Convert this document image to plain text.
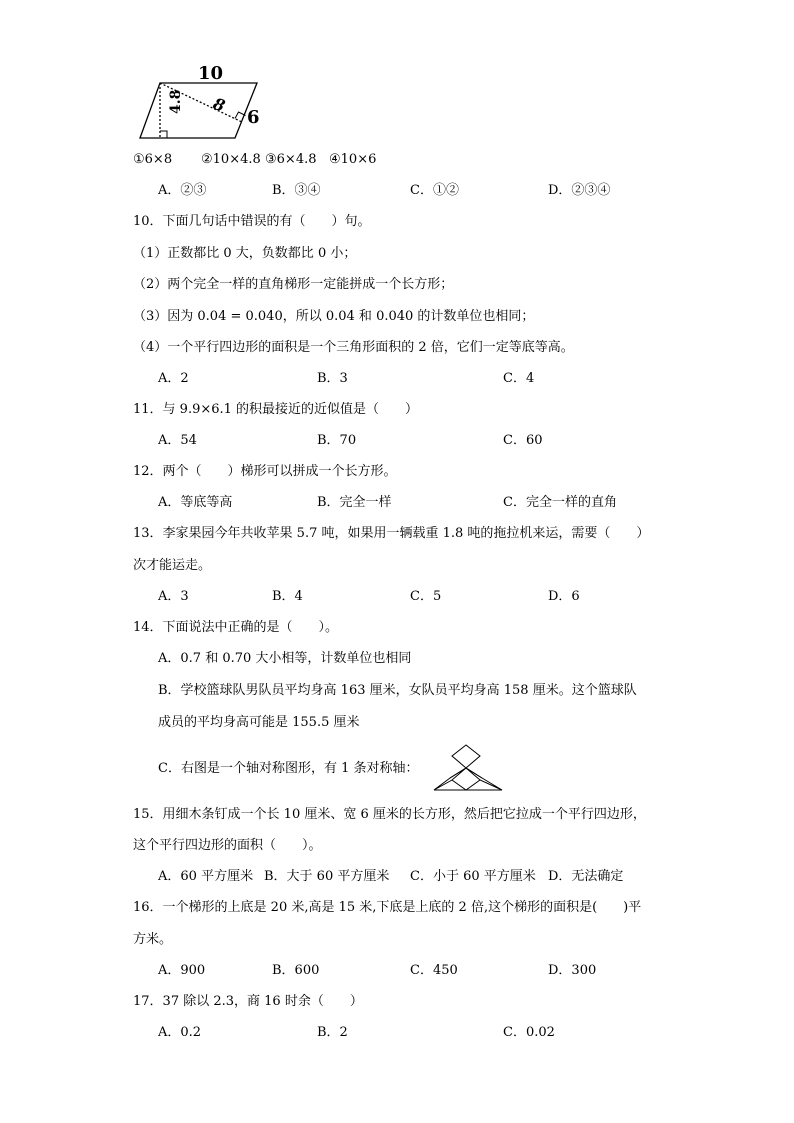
10
8
6
4.8
①6×8 ②10×4.8 ③6×4.8 ④10×6
A．②③	B．③④	C．①②	D．②③④
10．下面几句话中错误的有（　　）句。
（1）正数都比 0 大，负数都比 0 小；
（2）两个完全一样的直角梯形一定能拼成一个长方形；
（3）因为 0.04 = 0.040，所以 0.04 和 0.040 的计数单位也相同；
（4）一个平行四边形的面积是一个三角形面积的 2 倍，它们一定等底等高。
A．2	B．3	C．4
11．与 9.9×6.1 的积最接近的近似值是（　　）
A．54	B．70	C．60
12．两个（　　）梯形可以拼成一个长方形。
A．等底等高	B．完全一样	C．完全一样的直角
13．李家果园今年共收苹果 5.7 吨，如果用一辆载重 1.8 吨的拖拉机来运，需要（　　）
次才能运走。
A．3	B．4	C．5	D．6
14．下面说法中正确的是（　　）。
A．0.7 和 0.70 大小相等，计数单位也相同
B．学校篮球队男队员平均身高 163 厘米，女队员平均身高 158 厘米。这个篮球队
成员的平均身高可能是 155.5 厘米
C．右图是一个轴对称图形，有 1 条对称轴：
15．用细木条钉成一个长 10 厘米、宽 6 厘米的长方形，然后把它拉成一个平行四边形，
这个平行四边形的面积（　　）。
A．60 平方厘米 B．大于 60 平方厘米 C．小于 60 平方厘米 D．无法确定
16．一个梯形的上底是 20 米,高是 15 米,下底是上底的 2 倍,这个梯形的面积是(　　)平
方米。
A．900	B．600	C．450	D．300
17．37 除以 2.3，商 16 时余（　　）
A．0.2	B．2	C．0.02
